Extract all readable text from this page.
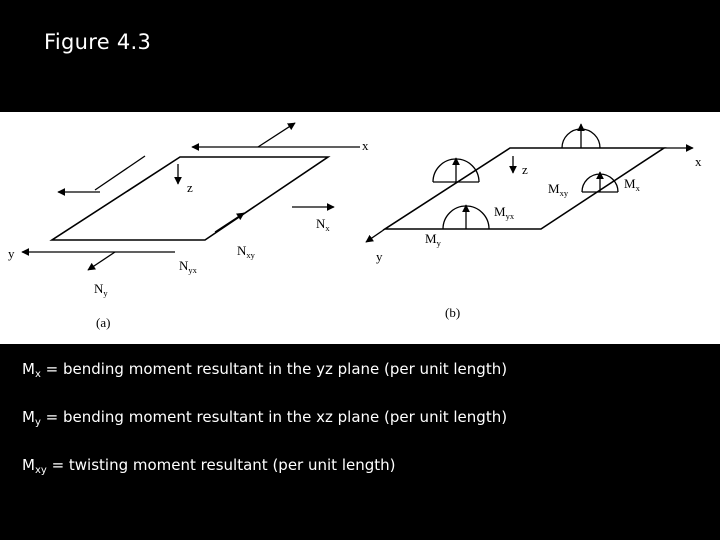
Figure 4.3
x
z
y
Nx
Nxy
Nyx
Ny
(a)
x
y
z
Mx
Mxy
Myx
My
(b)
$M_x$ = bending moment resultant in the yz plane (per unit length)
$M_y$ = bending moment resultant in the xz plane (per unit length)
$M_{xy}$ = twisting moment resultant (per unit length)
